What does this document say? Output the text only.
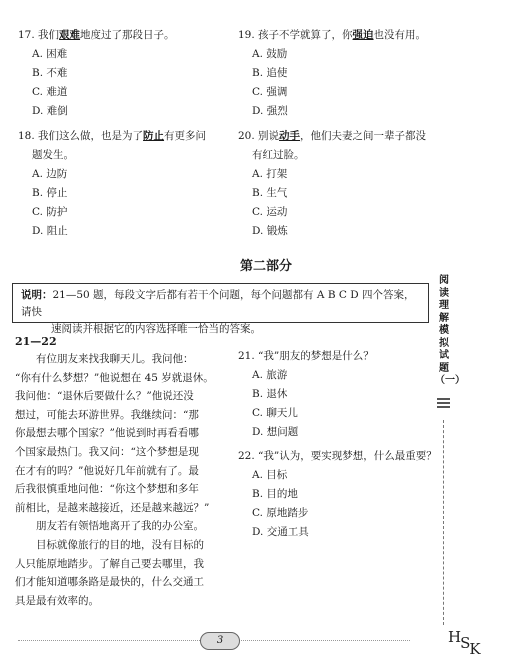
17. 我们艰难地度过了那段日子。
A. 困难
B. 不难
C. 难道
D. 难倒
19. 孩子不学就算了，你强迫也没有用。
A. 鼓励
B. 追使
C. 强调
D. 强烈
18. 我们这么做，也是为了防止有更多问
题发生。
A. 边防
B. 停止
C. 防护
D. 阻止
20. 别说动手，他们夫妻之间一辈子都没
有红过脸。
A. 打架
B. 生气
C. 运动
D. 锻炼
第二部分
说明：21—50 题，每段文字后都有若干个问题，每个问题都有 A B C D 四个答案，请快
速阅读并根据它的内容选择唯一恰当的答案。
21—22

　　有位朋友来找我聊天儿。我问他：

“你有什么梦想？”他说想在 45 岁就退休。

我问他：“退休后要做什么？”他说还没

想过，可能去环游世界。我继续问：“那

你最想去哪个国家？”他说到时再看看哪

个国家最热门。我又问：“这个梦想是现

在才有的吗？”他说好几年前就有了。最

后我很慎重地问他：“你这个梦想和多年

前相比，是越来越接近，还是越来越远？”

　　朋友若有领悟地离开了我的办公室。

　　目标就像旅行的目的地，没有目标的

人只能原地踏步。了解自己要去哪里，我

们才能知道哪条路是最快的，什么交通工

具是最有效率的。

21. “我”朋友的梦想是什么？
A. 旅游
B. 退休
C. 聊天儿
D. 想问题
22. “我”认为，要实现梦想，什么最重要？
A. 目标
B. 目的地
C. 原地踏步
D. 交通工具
阅读理解模拟试题（一）
3	HSK
